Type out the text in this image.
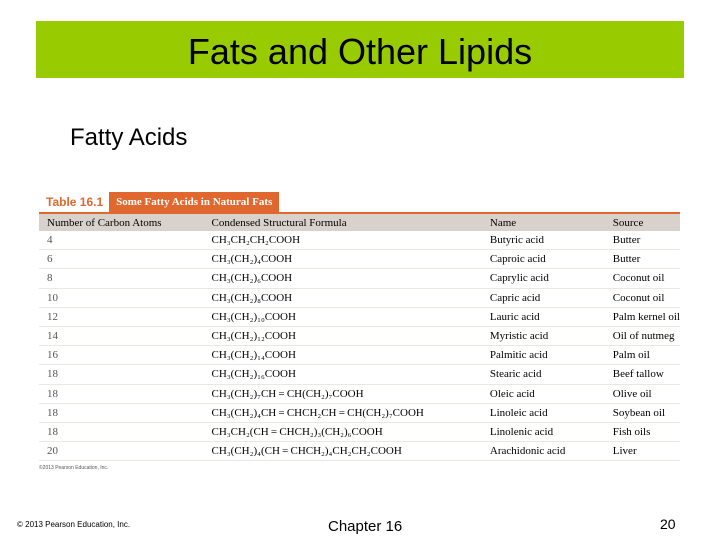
Fats and Other Lipids
Fatty Acids
Table 16.1	Some Fatty Acids in Natural Fats
Number of Carbon Atoms	Condensed Structural Formula	Name	Source
4	CH₃CH₂CH₂COOH	Butyric acid	Butter
6	CH₃(CH₂)₄COOH	Caproic acid	Butter
8	CH₃(CH₂)₆COOH	Caprylic acid	Coconut oil
10	CH₃(CH₂)₈COOH	Capric acid	Coconut oil
12	CH₃(CH₂)₁₀COOH	Lauric acid	Palm kernel oil
14	CH₃(CH₂)₁₂COOH	Myristic acid	Oil of nutmeg
16	CH₃(CH₂)₁₄COOH	Palmitic acid	Palm oil
18	CH₃(CH₂)₁₆COOH	Stearic acid	Beef tallow
18	CH₃(CH₂)₇CH = CH(CH₂)₇COOH	Oleic acid	Olive oil
18	CH₃(CH₂)₄CH = CHCH₂CH = CH(CH₂)₇COOH	Linoleic acid	Soybean oil
18	CH₃CH₂(CH = CHCH₂)₃(CH₂)₆COOH	Linolenic acid	Fish oils
20	CH₃(CH₂)₄(CH = CHCH₂)₄CH₂CH₂COOH	Arachidonic acid	Liver
©2013 Pearson Education, Inc.
© 2013 Pearson Education, Inc.	Chapter 16	20
